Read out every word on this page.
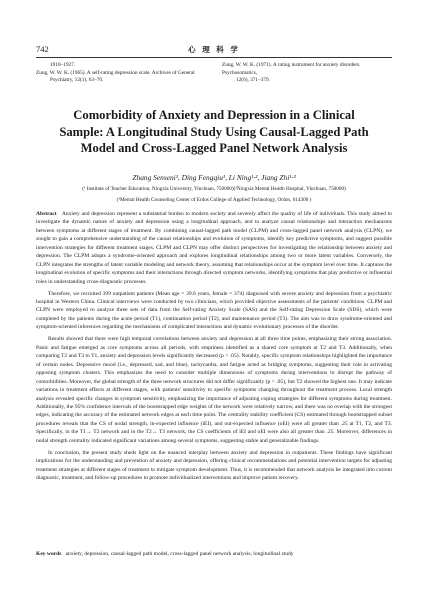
742	心 理 科 学
1918–1927.
Zung, W. W. K. (1965). A self-rating depression scale. Archives of General
Psychiatry, 12(1), 63–70.
Zung, W. W. K. (1971). A rating instrument for anxiety disorders. Psychosomatics,
12(6), 371–379.
Comorbidity of Anxiety and Depression in a Clinical
Sample: A Longitudinal Study Using Causal-Lagged Path
Model and Cross-Lagged Panel Network Analysis
Zhang Senseni¹, Ding Fengqiu¹, Li Ning¹·², Jiang Zhi¹·³
(¹ Institute of Teacher Education, Ningxia University, Yinchuan, 750000)(²Ningxia Mental Health Hospital, Yinchuan, 750000)
(³Mental Health Counseling Center of Erdos College of Applied Technology, Ordos, 014300 )

Abstract Anxiety and depression represent a substantial burden to modern society and severely affect the quality of life of individuals. This study aimed to investigate the dynamic nature of anxiety and depression using a longitudinal approach, and to analyze causal relationships and interaction mechanisms between symptoms at different stages of treatment. By combining causal-lagged path model (CLPM) and cross-lagged panel network analysis (CLPN), we sought to gain a comprehensive understanding of the causal relationships and evolution of symptoms, identify key predictive symptoms, and suggest possible intervention strategies for different treatment stages. CLPM and CLPN may offer distinct perspectives for investigating the relationship between anxiety and depression. The CLPM adopts a syndrome-oriented approach and explores longitudinal relationships among two or more latent variables. Conversely, the CLPN integrates the strengths of latent variable modeling and network theory, assuming that relationships occur at the symptom level over time. It captures the longitudinal evolution of specific symptoms and their interactions through directed symptom networks, identifying symptoms that play predictive or influential roles in understanding cross-diagnostic processes.

Therefore, we recruited 399 outpatient patients (Mean age = 39.6 years, female = 374) diagnosed with severe anxiety and depression from a psychiatric hospital in Western China. Clinical interviews were conducted by two clinicians, which provided objective assessments of the patients' conditions. CLPM and CLPN were employed to analyze three sets of data from the Self-rating Anxiety Scale (SAS) and the Self-rating Depression Scale (SDS), which were completed by the patients during the acute period (T1), continuation period (T2), and maintenance period (T3). The aim was to draw syndrome-oriented and symptom-oriented inferences regarding the mechanisms of complicated interactions and dynamic evolutionary processes of the disorder.

Results showed that there were high temporal correlations between anxiety and depression at all three time points, emphasizing their strong association. Panic and fatigue emerged as core symptoms across all periods, with emptiness identified as a shared core symptom at T2 and T3. Additionally, when comparing T2 and T3 to T1, anxiety and depression levels significantly decreased (p < .05). Notably, specific symptom relationships highlighted the importance of certain nodes. Depressive mood (i.e., depressed, sad, and blue), tachycardia, and fatigue acted as bridging symptoms, suggesting their role in activating opposing symptom clusters. This emphasizes the need to consider multiple dimensions of symptoms during interventions to disrupt the pathway of comorbidities. Moreover, the global strength of the three network structures did not differ significantly (p > .05), but T2 showed the highest one. It may indicate variations in treatment effects at different stages, with patients' sensitivity to specific symptoms changing throughout the treatment process. Local strength analysis revealed specific changes in symptom sensitivity, emphasizing the importance of adjusting coping strategies for different symptoms during treatment. Additionally, the 95% confidence intervals of the bootstrapped edge weights of the network were relatively narrow, and there was no overlap with the strongest edges, indicating the accuracy of the estimated network edges at each time point. The centrality stability coefficient (CS) estimated through bootstrapped subset procedures reveals that the CS of nodal strength, in-expected influence (iEI), and out-expected influence (oEI) were all greater than .25 at T1, T2, and T3. Specifically, in the T1→ T2 network and in the T2→ T3 network, the CS coefficients of iEI and oEI were also all greater than .25. Moreover, differences in nodal strength centrality indicated significant variations among several symptoms, suggesting stable and generalizable findings.

In conclusion, the present study sheds light on the nuanced interplay between anxiety and depression in outpatients. These findings have significant implications for the understanding and prevention of anxiety and depression, offering clinical recommendations and potential intervention targets for adjusting treatment strategies at different stages of treatment to mitigate symptom development. Thus, it is recommended that network analysis be integrated into current diagnostic, treatment, and follow-up procedures to promote individualized interventions and improve patient recovery.

Key words anxiety, depression, causal-lagged path model, cross-lagged panel network analysis, longitudinal study
